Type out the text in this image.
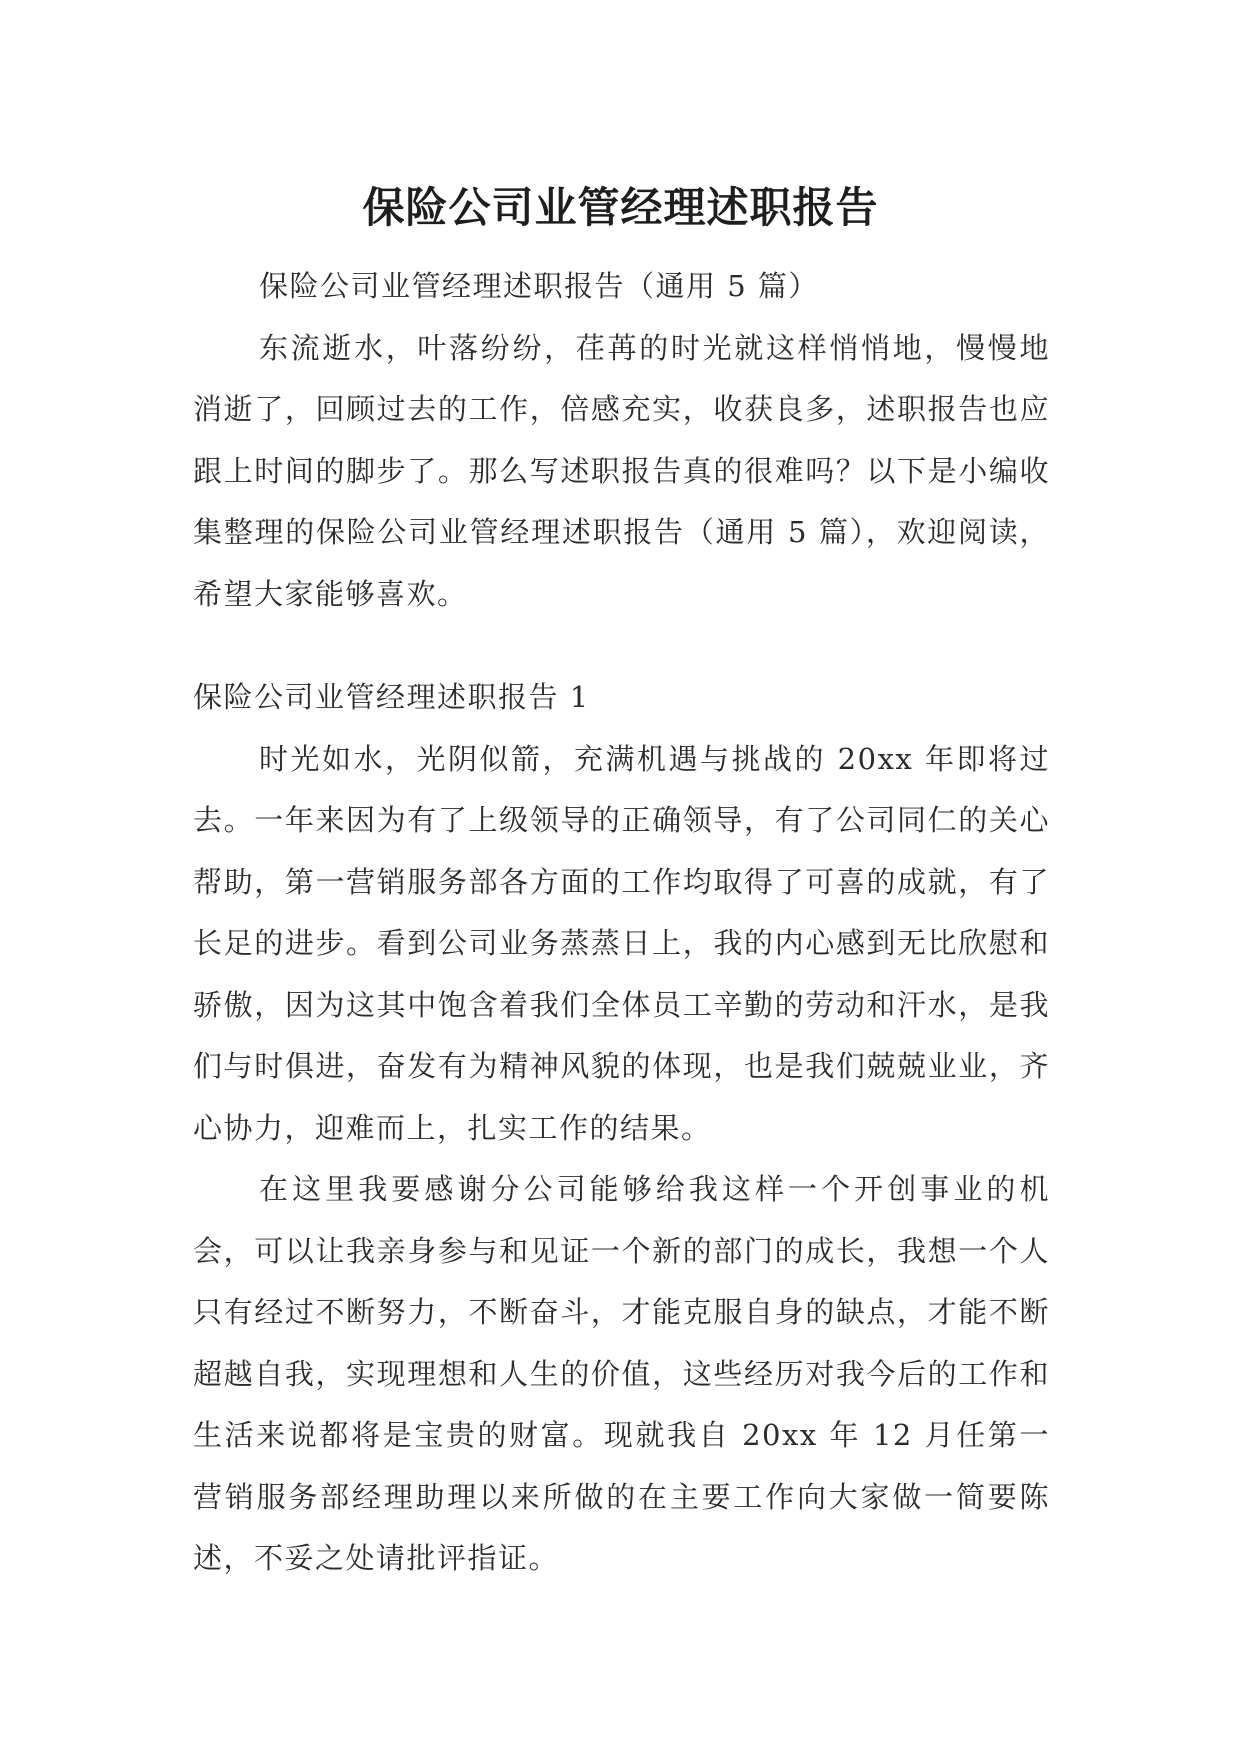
保险公司业管经理述职报告

保险公司业管经理述职报告（通用 5 篇）

东流逝水，叶落纷纷，荏苒的时光就这样悄悄地，慢慢地消逝了，回顾过去的工作，倍感充实，收获良多，述职报告也应跟上时间的脚步了。那么写述职报告真的很难吗？以下是小编收集整理的保险公司业管经理述职报告（通用 5 篇），欢迎阅读，希望大家能够喜欢。

保险公司业管经理述职报告 1

时光如水，光阴似箭，充满机遇与挑战的 20xx 年即将过去。一年来因为有了上级领导的正确领导，有了公司同仁的关心帮助，第一营销服务部各方面的工作均取得了可喜的成就，有了长足的进步。看到公司业务蒸蒸日上，我的内心感到无比欣慰和骄傲，因为这其中饱含着我们全体员工辛勤的劳动和汗水，是我们与时俱进，奋发有为精神风貌的体现，也是我们兢兢业业，齐心协力，迎难而上，扎实工作的结果。

在这里我要感谢分公司能够给我这样一个开创事业的机会，可以让我亲身参与和见证一个新的部门的成长，我想一个人只有经过不断努力，不断奋斗，才能克服自身的缺点，才能不断超越自我，实现理想和人生的价值，这些经历对我今后的工作和生活来说都将是宝贵的财富。现就我自 20xx 年 12 月任第一营销服务部经理助理以来所做的在主要工作向大家做一简要陈述，不妥之处请批评指证。
